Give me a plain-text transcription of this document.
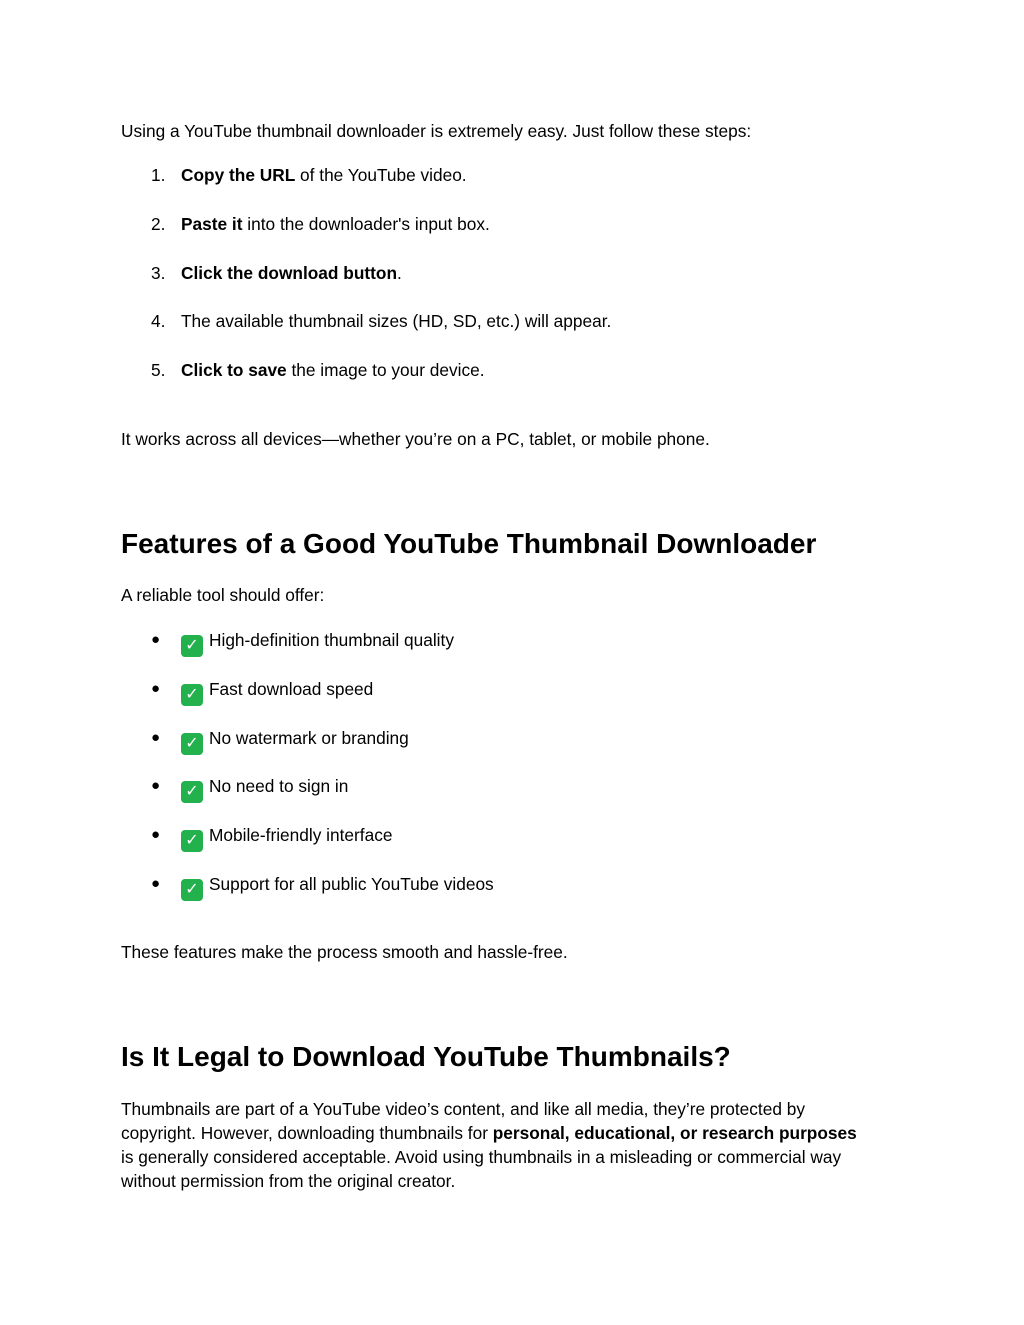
Using a YouTube thumbnail downloader is extremely easy. Just follow these steps:

1. Copy the URL of the YouTube video.
2. Paste it into the downloader's input box.
3. Click the download button.
4. The available thumbnail sizes (HD, SD, etc.) will appear.
5. Click to save the image to your device.

It works across all devices—whether you’re on a PC, tablet, or mobile phone.

Features of a Good YouTube Thumbnail Downloader

A reliable tool should offer:

● ✓ High-definition thumbnail quality
● ✓ Fast download speed
● ✓ No watermark or branding
● ✓ No need to sign in
● ✓ Mobile-friendly interface
● ✓ Support for all public YouTube videos

These features make the process smooth and hassle-free.

Is It Legal to Download YouTube Thumbnails?

Thumbnails are part of a YouTube video’s content, and like all media, they’re protected by
copyright. However, downloading thumbnails for personal, educational, or research purposes
is generally considered acceptable. Avoid using thumbnails in a misleading or commercial way
without permission from the original creator.
